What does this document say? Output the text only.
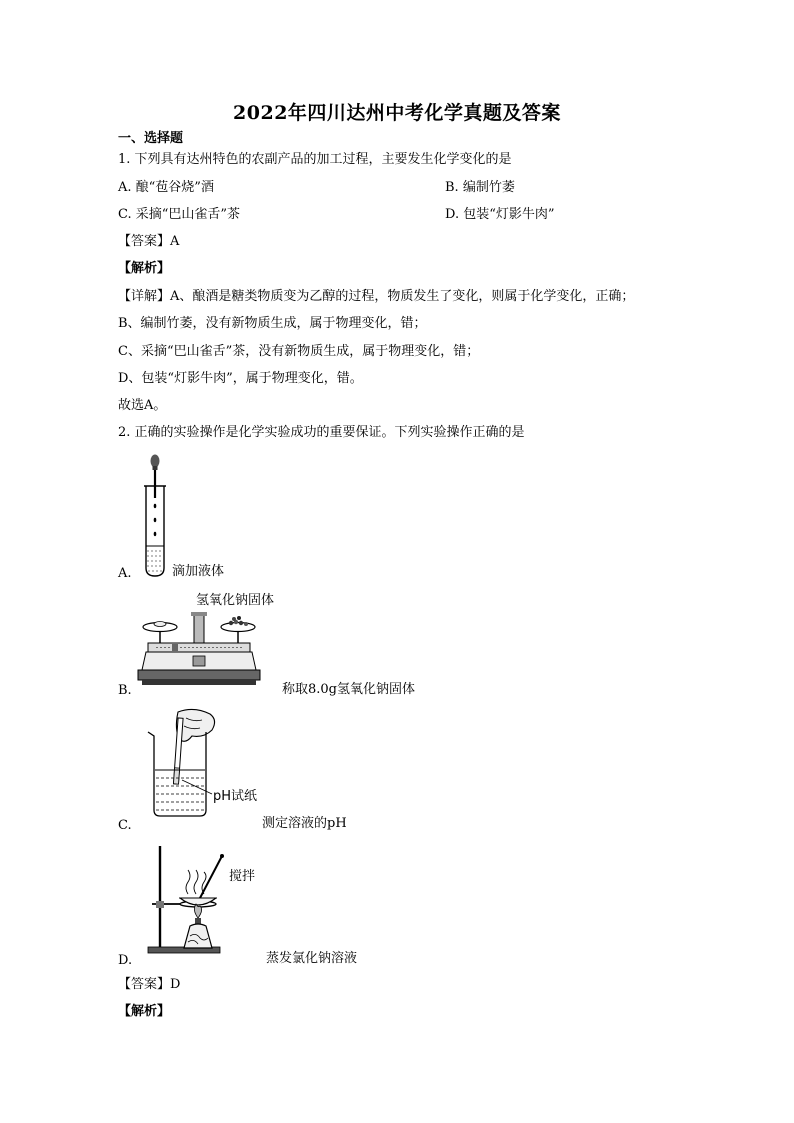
2022年四川达州中考化学真题及答案
一、选择题
1. 下列具有达州特色的农副产品的加工过程，主要发生化学变化的是
A. 酿“苞谷烧”酒	B. 编制竹萎
C. 采摘“巴山雀舌”茶	D. 包装“灯影牛肉”
【答案】A
【解析】
【详解】A、酿酒是糖类物质变为乙醇的过程，物质发生了变化，则属于化学变化，正确；
B、编制竹萎，没有新物质生成，属于物理变化，错；
C、采摘“巴山雀舌”茶，没有新物质生成，属于物理变化，错；
D、包装“灯影牛肉”，属于物理变化，错。
故选A。
2. 正确的实验操作是化学实验成功的重要保证。下列实验操作正确的是
A.	滴加液体
氢氧化钠固体
B.	称取8.0g氢氧化钠固体
pH试纸
C.	测定溶液的pH
搅拌
D.	蒸发氯化钠溶液
【答案】D
【解析】
